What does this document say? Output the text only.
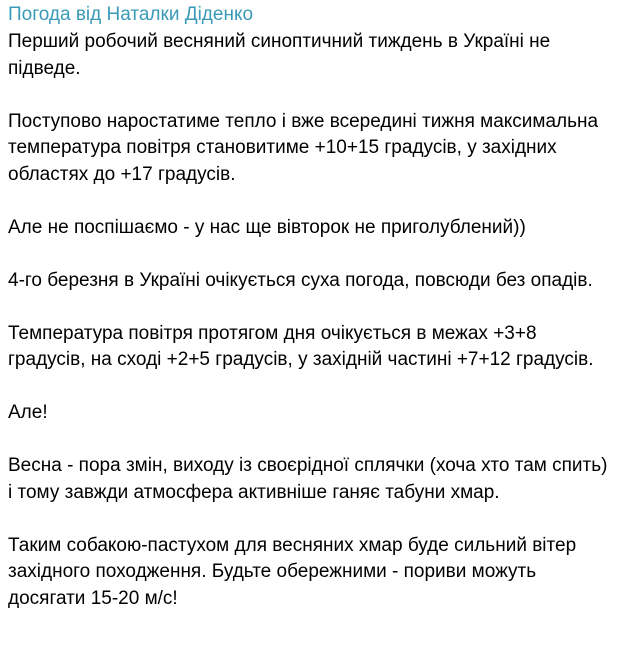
Погода від Наталки Діденко

Перший робочий весняний синоптичний тиждень в Україні не підведе.

Поступово наростатиме тепло і вже всередині тижня максимальна температура повітря становитиме +10+15 градусів, у західних областях до +17 градусів.

Але не поспішаємо - у нас ще вівторок не приголублений))

4-го березня в Україні очікується суха погода, повсюди без опадів.

Температура повітря протягом дня очікується в межах +3+8 градусів, на сході +2+5 градусів, у західній частині +7+12 градусів.

Але!

Весна - пора змін, виходу із своєрідної сплячки (хоча хто там спить) і тому завжди атмосфера активніше ганяє табуни хмар.

Таким собакою-пастухом для весняних хмар буде сильний вітер західного походження. Будьте обережними - пориви можуть досягати 15-20 м/с!
